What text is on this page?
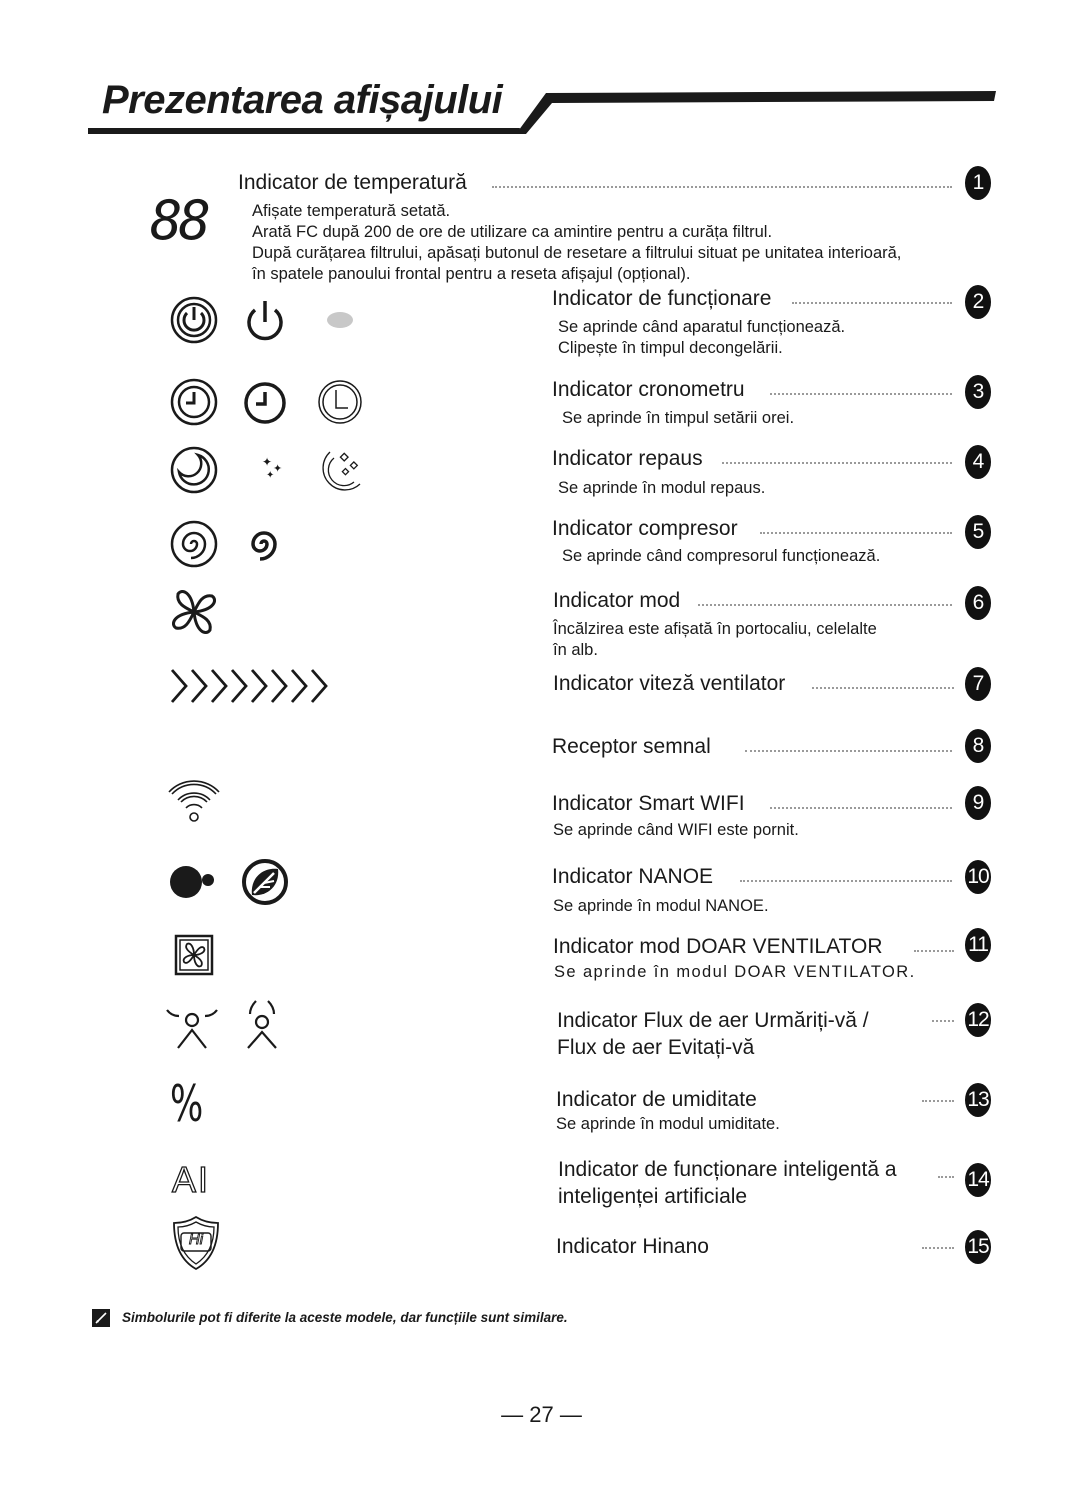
Prezentarea afișajului
Indicator de temperatură	1
Afișate temperatură setată.
Arată FC după 200 de ore de utilizare ca amintire pentru a curăța filtrul.
După curățarea filtrului, apăsați butonul de resetare a filtrului situat pe unitatea interioară,
în spatele panoului frontal pentru a reseta afișajul (opțional).
88
Indicator de funcționare	2
Se aprinde când aparatul funcționează.
Clipește în timpul decongelării.
Indicator cronometru	3
Se aprinde în timpul setării orei.
Indicator repaus	4
Se aprinde în modul repaus.
✦ ✦
✦
◇
◇
◇
Indicator compresor	5
Se aprinde când compresorul funcționează.
Indicator mod	6
Încălzirea este afișată în portocaliu, celelalte
în alb.
Indicator viteză ventilator	7
Receptor semnal	8
Indicator Smart WIFI	9
Se aprinde când WIFI este pornit.
Indicator NANOE	10
Se aprinde în modul NANOE.
Indicator mod DOAR VENTILATOR	11
Se aprinde în modul DOAR VENTILATOR.
Indicator Flux de aer Urmăriți-vă /
Flux de aer Evitați-vă
12
Indicator de umiditate	13
Se aprinde în modul umiditate.
%
Indicator de funcționare inteligentă a
inteligenței artificiale
14
AI
Indicator Hinano	15
Hi
Simbolurile pot fi diferite la aceste modele, dar funcțiile sunt similare.
— 27 —
